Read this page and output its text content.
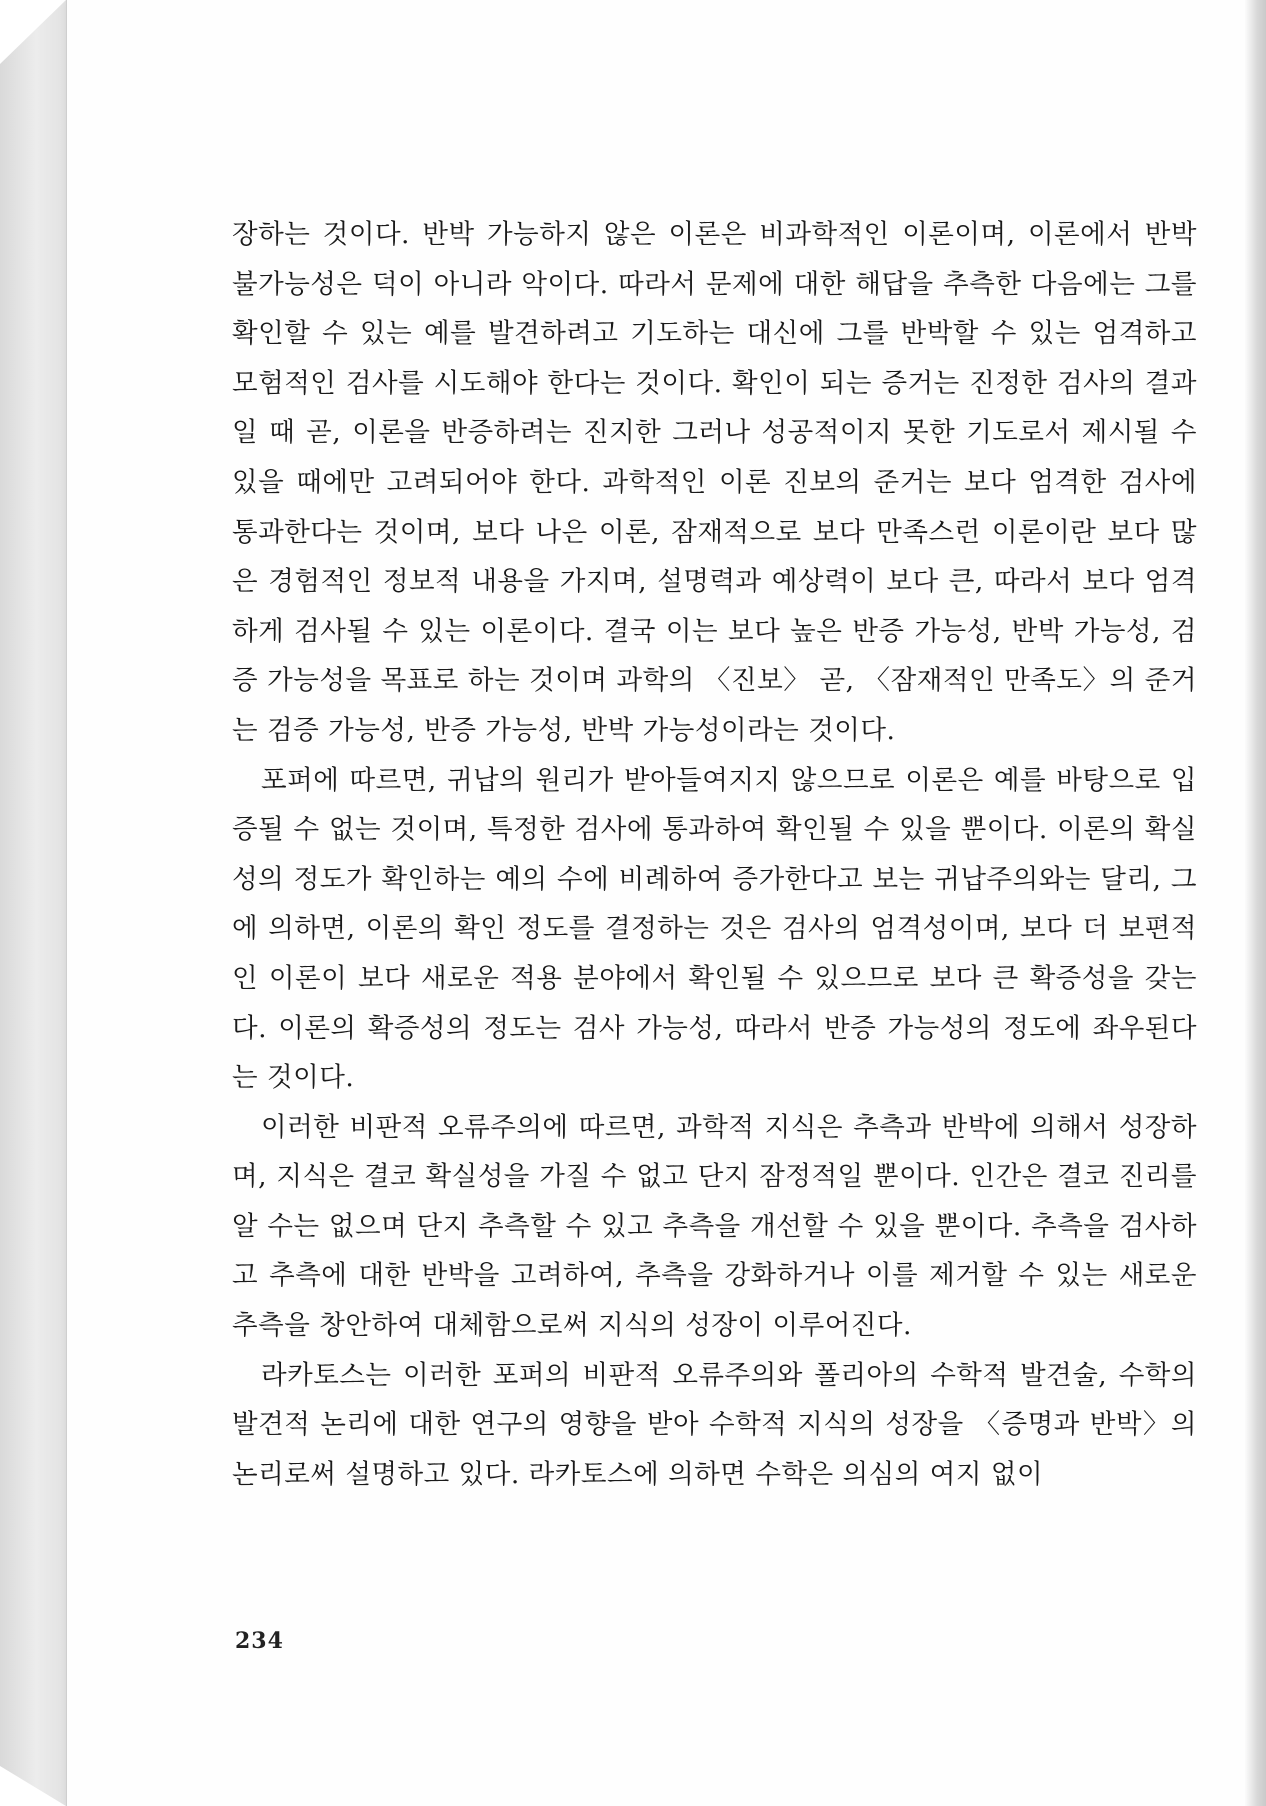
장하는 것이다. 반박 가능하지 않은 이론은 비과학적인 이론이며, 이론에서 반박 불가능성은 덕이 아니라 악이다. 따라서 문제에 대한 해답을 추측한 다음에는 그를 확인할 수 있는 예를 발견하려고 기도하는 대신에 그를 반박할 수 있는 엄격하고 모험적인 검사를 시도해야 한다는 것이다. 확인이 되는 증거는 진정한 검사의 결과일 때 곧, 이론을 반증하려는 진지한 그러나 성공적이지 못한 기도로서 제시될 수 있을 때에만 고려되어야 한다. 과학적인 이론 진보의 준거는 보다 엄격한 검사에 통과한다는 것이며, 보다 나은 이론, 잠재적으로 보다 만족스런 이론이란 보다 많은 경험적인 정보적 내용을 가지며, 설명력과 예상력이 보다 큰, 따라서 보다 엄격하게 검사될 수 있는 이론이다. 결국 이는 보다 높은 반증 가능성, 반박 가능성, 검증 가능성을 목표로 하는 것이며 과학의 〈진보〉 곧, 〈잠재적인 만족도〉의 준거는 검증 가능성, 반증 가능성, 반박 가능성이라는 것이다.

포퍼에 따르면, 귀납의 원리가 받아들여지지 않으므로 이론은 예를 바탕으로 입증될 수 없는 것이며, 특정한 검사에 통과하여 확인될 수 있을 뿐이다. 이론의 확실성의 정도가 확인하는 예의 수에 비례하여 증가한다고 보는 귀납주의와는 달리, 그에 의하면, 이론의 확인 정도를 결정하는 것은 검사의 엄격성이며, 보다 더 보편적인 이론이 보다 새로운 적용 분야에서 확인될 수 있으므로 보다 큰 확증성을 갖는다. 이론의 확증성의 정도는 검사 가능성, 따라서 반증 가능성의 정도에 좌우된다는 것이다.

이러한 비판적 오류주의에 따르면, 과학적 지식은 추측과 반박에 의해서 성장하며, 지식은 결코 확실성을 가질 수 없고 단지 잠정적일 뿐이다. 인간은 결코 진리를 알 수는 없으며 단지 추측할 수 있고 추측을 개선할 수 있을 뿐이다. 추측을 검사하고 추측에 대한 반박을 고려하여, 추측을 강화하거나 이를 제거할 수 있는 새로운 추측을 창안하여 대체함으로써 지식의 성장이 이루어진다.

라카토스는 이러한 포퍼의 비판적 오류주의와 폴리아의 수학적 발견술, 수학의 발견적 논리에 대한 연구의 영향을 받아 수학적 지식의 성장을 〈증명과 반박〉의 논리로써 설명하고 있다. 라카토스에 의하면 수학은 의심의 여지 없이

234
